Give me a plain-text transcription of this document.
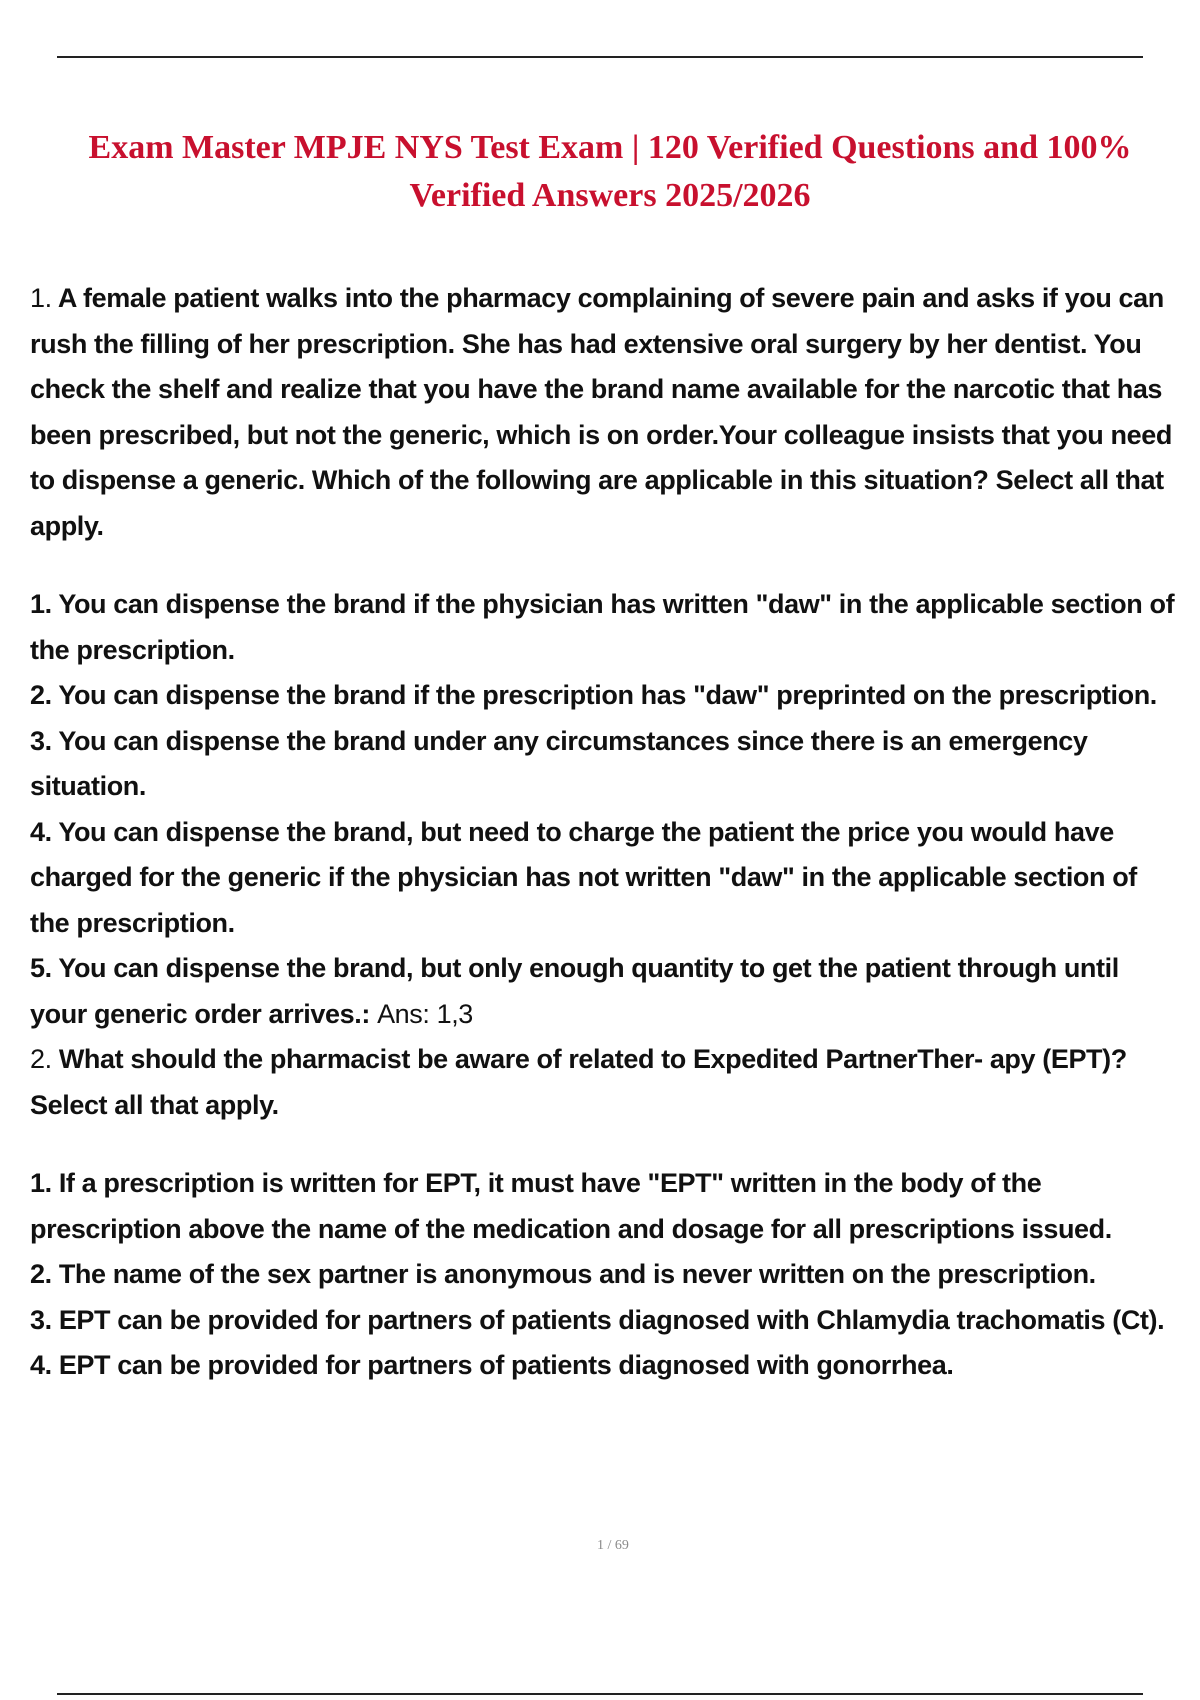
Exam Master MPJE NYS Test Exam | 120 Verified Questions and 100% Verified Answers 2025/2026

1. A female patient walks into the pharmacy complaining of severe pain and asks if you can rush the filling of her prescription. She has had extensive oral surgery by her dentist. You check the shelf and realize that you have the brand name available for the narcotic that has been prescribed, but not the generic, which is on order.Your colleague insists that you need to dispense a generic. Which of the following are applicable in this situation? Select all that apply.

1. You can dispense the brand if the physician has written "daw" in the applicable section of the prescription.

2. You can dispense the brand if the prescription has "daw" preprinted on the prescription.

3. You can dispense the brand under any circumstances since there is an emergency situation.

4. You can dispense the brand, but need to charge the patient the price you would have charged for the generic if the physician has not written "daw" in the applicable section of the prescription.

5. You can dispense the brand, but only enough quantity to get the patient through until your generic order arrives.: Ans: 1,3

2. What should the pharmacist be aware of related to Expedited PartnerTher- apy (EPT)? Select all that apply.

1. If a prescription is written for EPT, it must have "EPT" written in the body of the prescription above the name of the medication and dosage for all prescriptions issued.

2. The name of the sex partner is anonymous and is never written on the prescription.

3. EPT can be provided for partners of patients diagnosed with Chlamydia trachomatis (Ct).

4. EPT can be provided for partners of patients diagnosed with gonorrhea.

1 / 69
